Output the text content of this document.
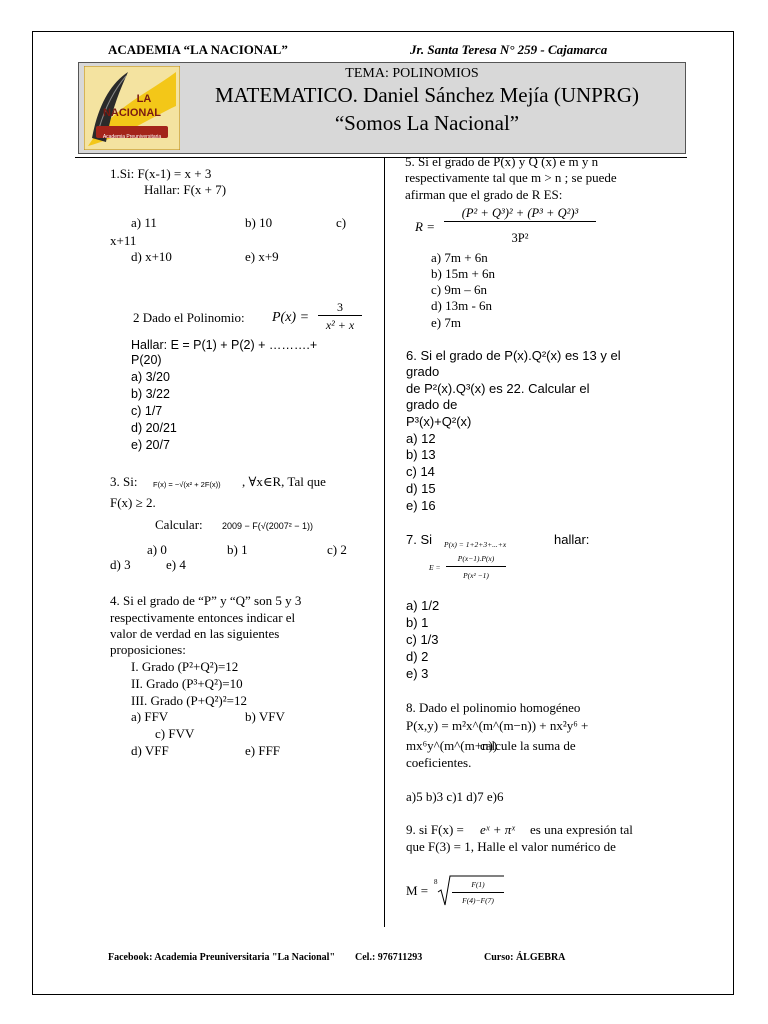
ACADEMIA “LA NACIONAL”	Jr. Santa Teresa N° 259 - Cajamarca
TEMA: POLINOMIOS
MATEMATICO. Daniel Sánchez Mejía (UNPRG)
“Somos La Nacional”
LA
NACIONAL
Academia Preuniversitaria
1.Si: F(x-1) = x + 3
Hallar: F(x + 7)
a) 11	b) 10	c)
x+11
d) x+10	e) x+9
2 Dado el Polinomio: P(x) =
3
x² + x
Hallar: E = P(1) + P(2) + ……….+
P(20)
a) 3/20
b) 3/22
c) 1/7
d) 20/21
e) 20/7
3. Si: F(x) = −√(x² + 2F(x)) , ∀x∈R, Tal que
F(x) ≥ 2.
Calcular: 2009 − F(√(2007² − 1))
a) 0	b) 1	c) 2
d) 3	e) 4
4. Si el grado de “P” y “Q” son 5 y 3
respectivamente entonces indicar el
valor de verdad en las siguientes
proposiciones:
I. Grado (P²+Q²)=12
II. Grado (P³+Q²)=10
III. Grado (P+Q²)²=12
a) FFV	b) VFV
c) FVV
d) VFF	e) FFF
5. Si el grado de P(x) y Q (x) e m y n
respectivamente tal que m > n ; se puede
afirman que el grado de R ES:
R =
(P² + Q³)² + (P³ + Q²)³
3P²
a) 7m + 6n
b) 15m + 6n
c) 9m – 6n
d) 13m - 6n
e) 7m
6. Si el grado de P(x).Q²(x) es 13 y el
grado
de P²(x).Q³(x) es 22. Calcular el
grado de
P³(x)+Q²(x)
a) 12
b) 13
c) 14
d) 15
e) 16
7. Si P(x) = 1+2+3+...+x	hallar:
E =
P(x−1).P(x)
P(x² −1)
a) 1/2
b) 1
c) 1/3
d) 2
e) 3
8. Dado el polinomio homogéneo
P(x,y) = m²x^(m^(m−n)) + nx²y⁶ +
mx⁶y^(m^(m+n))
calcule la suma de
coeficientes.
a)5 b)3 c)1 d)7 e)6
9. si F(x) = eˣ + πˣ es una expresión tal
que F(3) = 1, Halle el valor numérico de
M =
8	F(1)
F(4)−F(7)
Facebook: Academia Preuniversitaria "La Nacional" Cel.: 976711293	Curso: ÁLGEBRA
